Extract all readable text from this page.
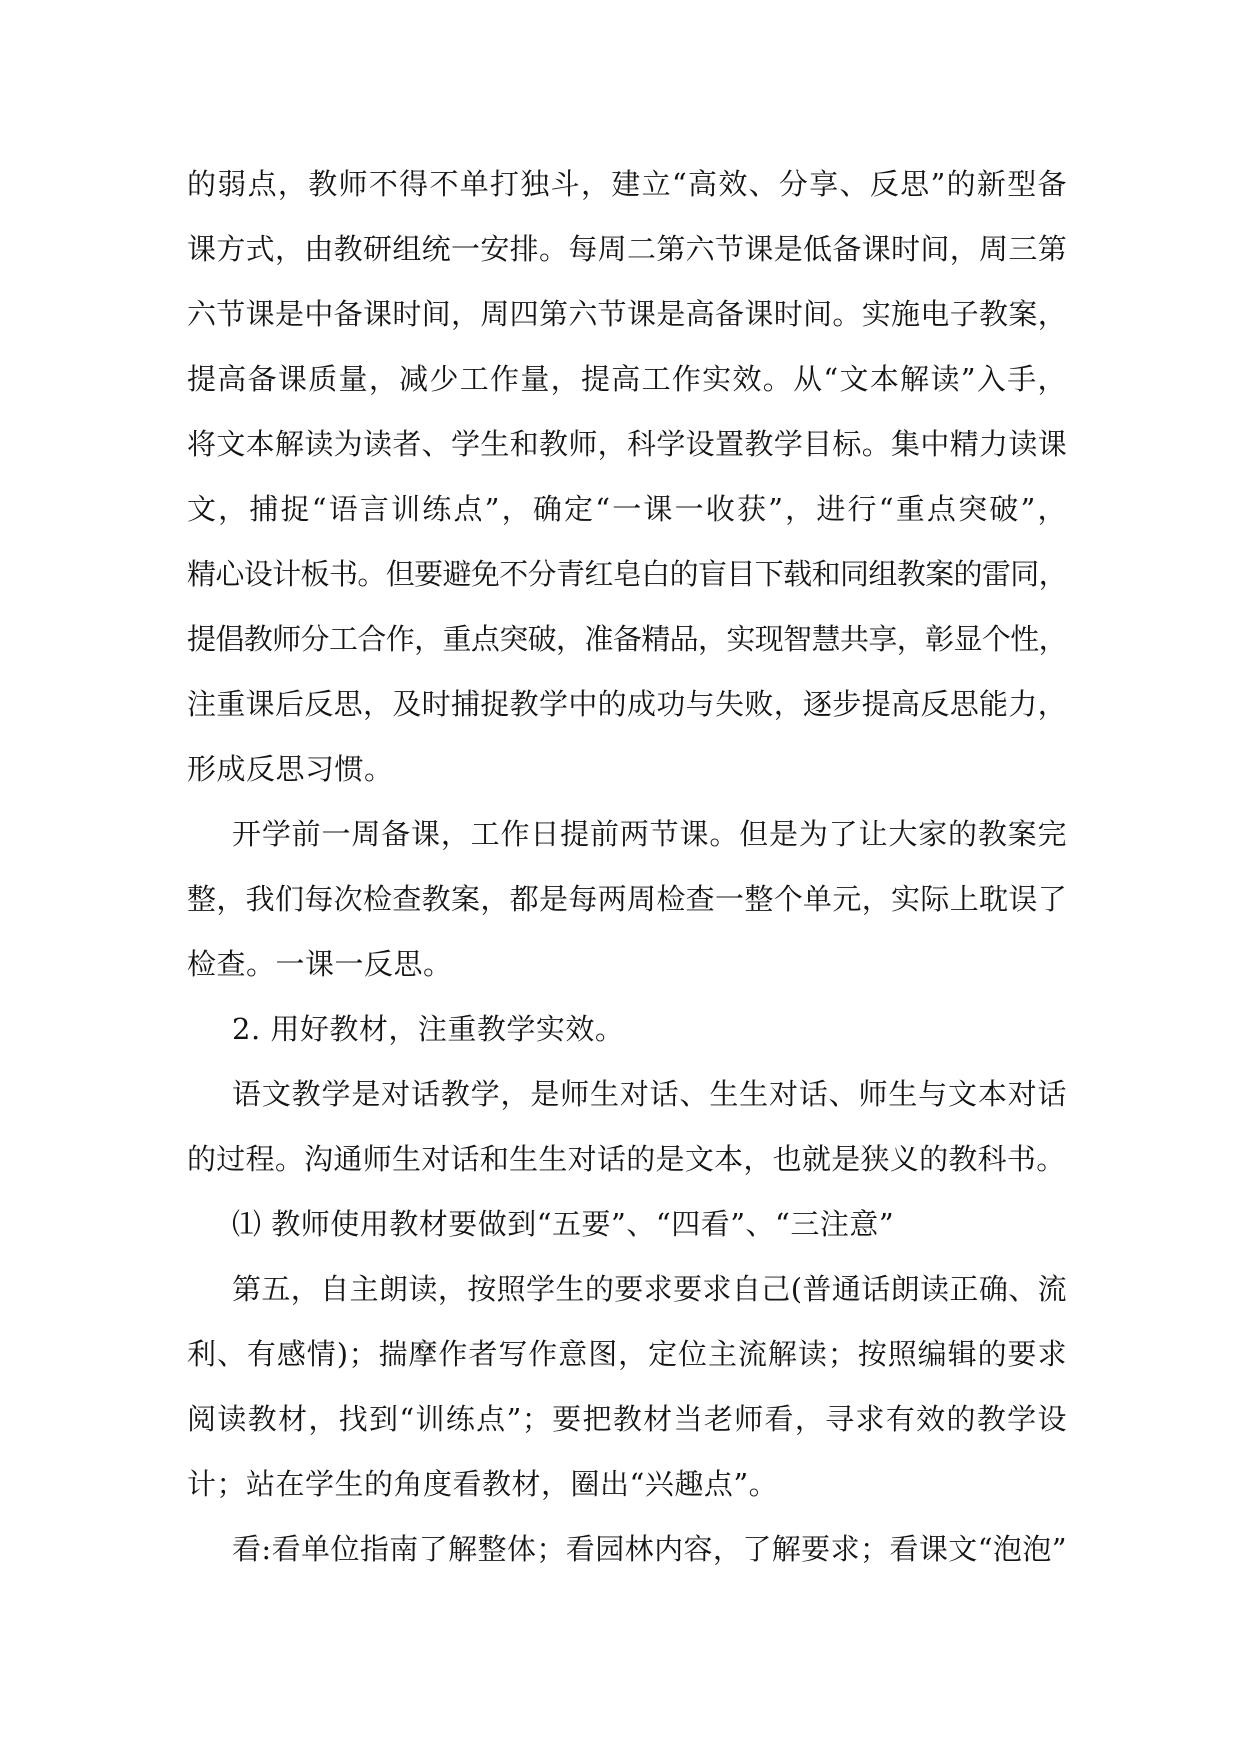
的弱点，教师不得不单打独斗，建立“高效、分享、反思”的新型备
课方式，由教研组统一安排。每周二第六节课是低备课时间，周三第
六节课是中备课时间，周四第六节课是高备课时间。实施电子教案，
提高备课质量，减少工作量，提高工作实效。从“文本解读”入手，
将文本解读为读者、学生和教师，科学设置教学目标。集中精力读课
文，捕捉“语言训练点”，确定“一课一收获”，进行“重点突破”，
精心设计板书。但要避免不分青红皂白的盲目下载和同组教案的雷同，
提倡教师分工合作，重点突破，准备精品，实现智慧共享，彰显个性，
注重课后反思，及时捕捉教学中的成功与失败，逐步提高反思能力，
形成反思习惯。

开学前一周备课，工作日提前两节课。但是为了让大家的教案完
整，我们每次检查教案，都是每两周检查一整个单元，实际上耽误了
检查。一课一反思。

2. 用好教材，注重教学实效。

语文教学是对话教学，是师生对话、生生对话、师生与文本对话
的过程。沟通师生对话和生生对话的是文本，也就是狭义的教科书。

⑴ 教师使用教材要做到“五要”、“四看”、“三注意”

第五，自主朗读，按照学生的要求要求自己(普通话朗读正确、流
利、有感情)；揣摩作者写作意图，定位主流解读；按照编辑的要求
阅读教材，找到“训练点”；要把教材当老师看，寻求有效的教学设
计；站在学生的角度看教材，圈出“兴趣点”。

看:看单位指南了解整体；看园林内容，了解要求；看课文“泡泡”
